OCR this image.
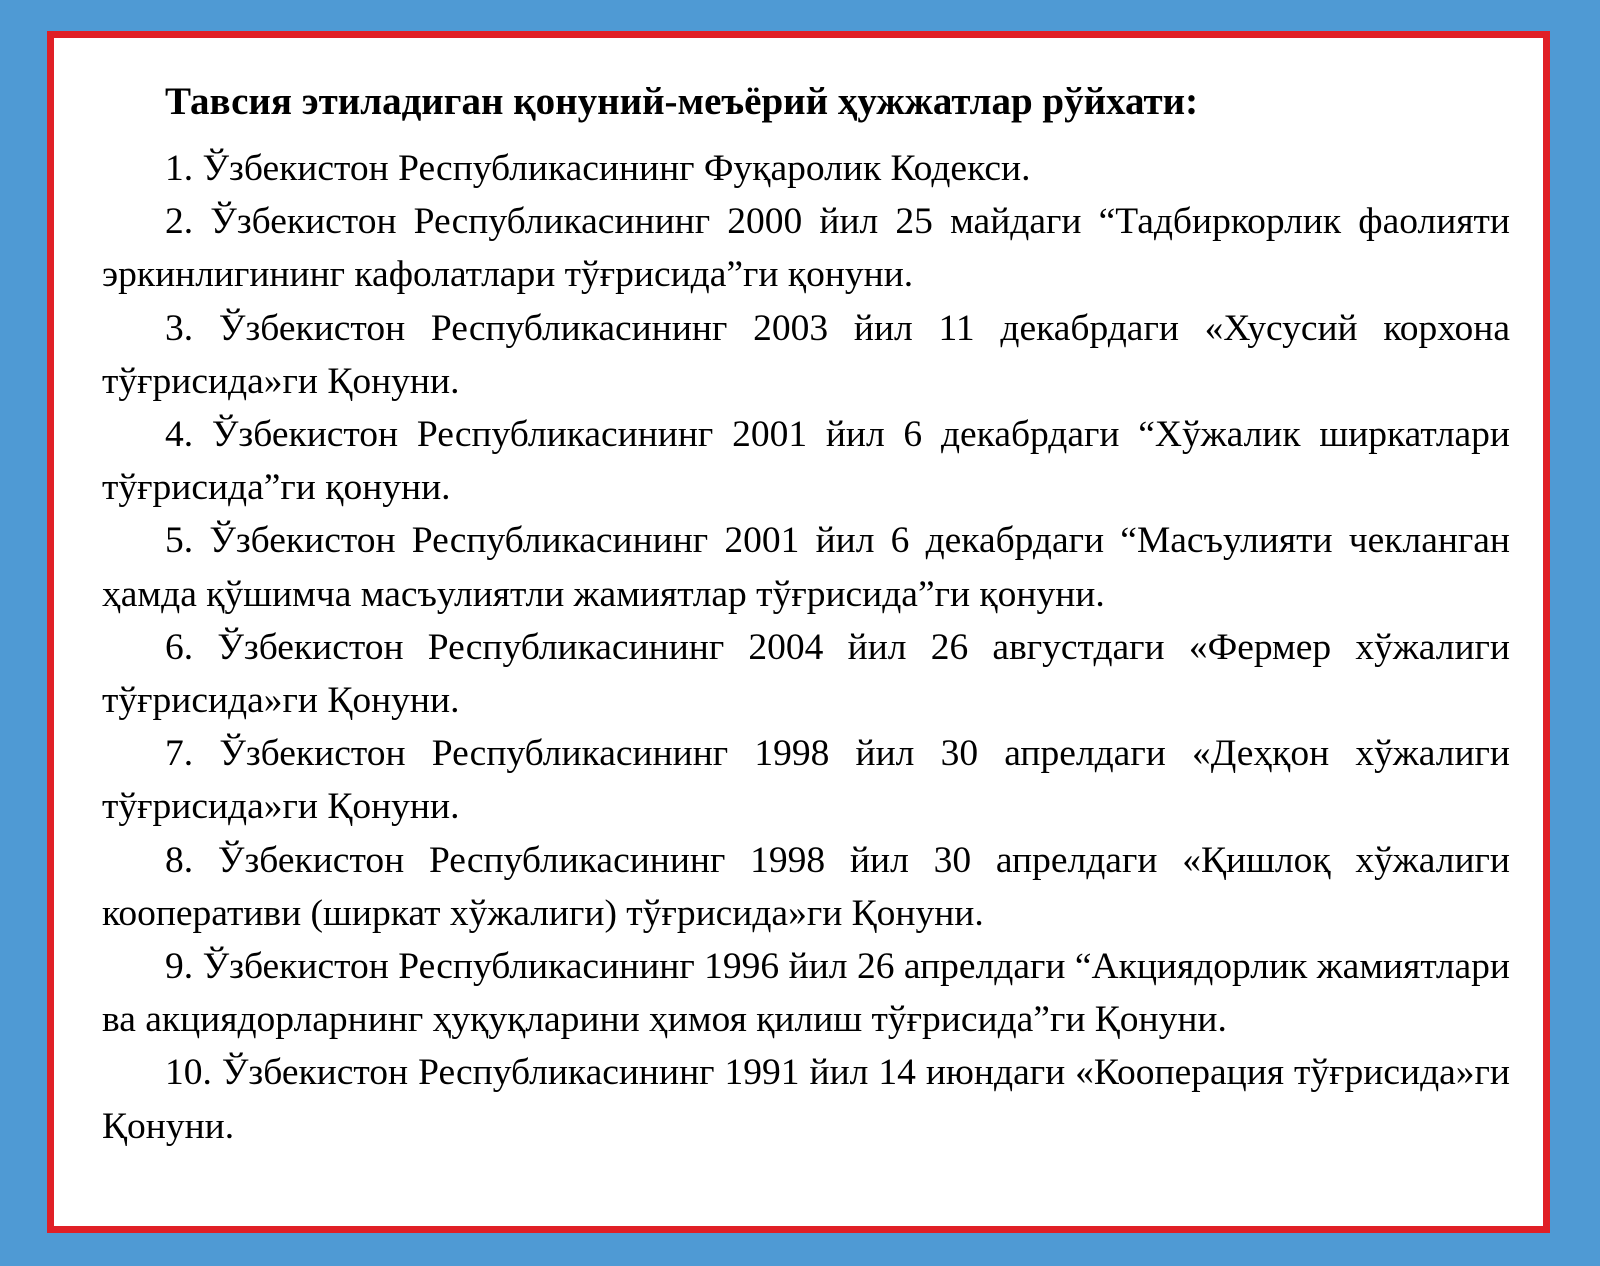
Тавсия этиладиган қонуний-меъёрий ҳужжатлар рўйхати:

1. Ўзбекистон Республикасининг Фуқаролик Кодекси.

2. Ўзбекистон Республикасининг 2000 йил 25 майдаги “Тадбиркорлик фаолияти эркинлигининг кафолатлари тўғрисида”ги қонуни.

3. Ўзбекистон Республикасининг 2003 йил 11 декабрдаги «Хусусий корхона тўғрисида»ги Қонуни.

4. Ўзбекистон Республикасининг 2001 йил 6 декабрдаги “Хўжалик ширкатлари тўғрисида”ги қонуни.

5. Ўзбекистон Республикасининг 2001 йил 6 декабрдаги “Масъулияти чекланган ҳамда қўшимча масъулиятли жамиятлар тўғрисида”ги қонуни.

6. Ўзбекистон Республикасининг 2004 йил 26 августдаги «Фермер хўжалиги тўғрисида»ги Қонуни.

7. Ўзбекистон Республикасининг 1998 йил 30 апрелдаги «Деҳқон хўжалиги тўғрисида»ги Қонуни.

8. Ўзбекистон Республикасининг 1998 йил 30 апрелдаги «Қишлоқ хўжалиги кооперативи (ширкат хўжалиги) тўғрисида»ги Қонуни.

9. Ўзбекистон Республикасининг 1996 йил 26 апрелдаги “Акциядорлик жамиятлари ва акциядорларнинг ҳуқуқларини ҳимоя қилиш тўғрисида”ги Қонуни.

10. Ўзбекистон Республикасининг 1991 йил 14 июндаги «Кооперация тўғрисида»ги Қонуни.
